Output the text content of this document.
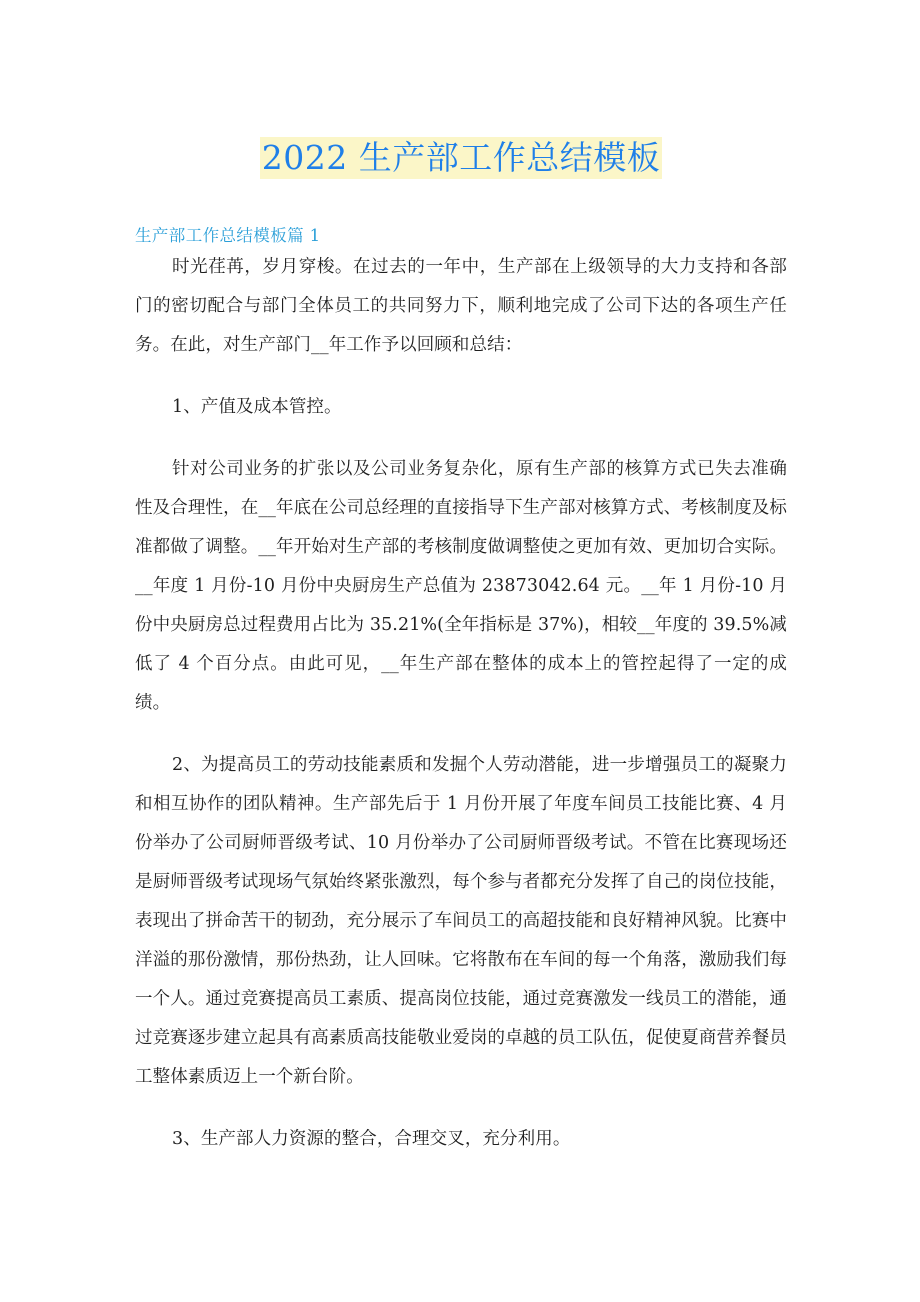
2022 生产部工作总结模板
生产部工作总结模板篇 1

时光荏苒，岁月穿梭。在过去的一年中，生产部在上级领导的大力支持和各部门的密切配合与部门全体员工的共同努力下，顺利地完成了公司下达的各项生产任务。在此，对生产部门__年工作予以回顾和总结：

1、产值及成本管控。

针对公司业务的扩张以及公司业务复杂化，原有生产部的核算方式已失去准确性及合理性，在__年底在公司总经理的直接指导下生产部对核算方式、考核制度及标准都做了调整。__年开始对生产部的考核制度做调整使之更加有效、更加切合实际。__年度 1 月份-10 月份中央厨房生产总值为 23873042.64 元。__年 1 月份-10 月份中央厨房总过程费用占比为 35.21%(全年指标是 37%)，相较__年度的 39.5%减低了 4 个百分点。由此可见，__年生产部在整体的成本上的管控起得了一定的成绩。

2、为提高员工的劳动技能素质和发掘个人劳动潜能，进一步增强员工的凝聚力和相互协作的团队精神。生产部先后于 1 月份开展了年度车间员工技能比赛、4 月份举办了公司厨师晋级考试、10 月份举办了公司厨师晋级考试。不管在比赛现场还是厨师晋级考试现场气氛始终紧张激烈，每个参与者都充分发挥了自己的岗位技能，表现出了拼命苦干的韧劲，充分展示了车间员工的高超技能和良好精神风貌。比赛中洋溢的那份激情，那份热劲，让人回味。它将散布在车间的每一个角落，激励我们每一个人。通过竞赛提高员工素质、提高岗位技能，通过竞赛激发一线员工的潜能，通过竞赛逐步建立起具有高素质高技能敬业爱岗的卓越的员工队伍，促使夏商营养餐员工整体素质迈上一个新台阶。

3、生产部人力资源的整合，合理交叉，充分利用。
